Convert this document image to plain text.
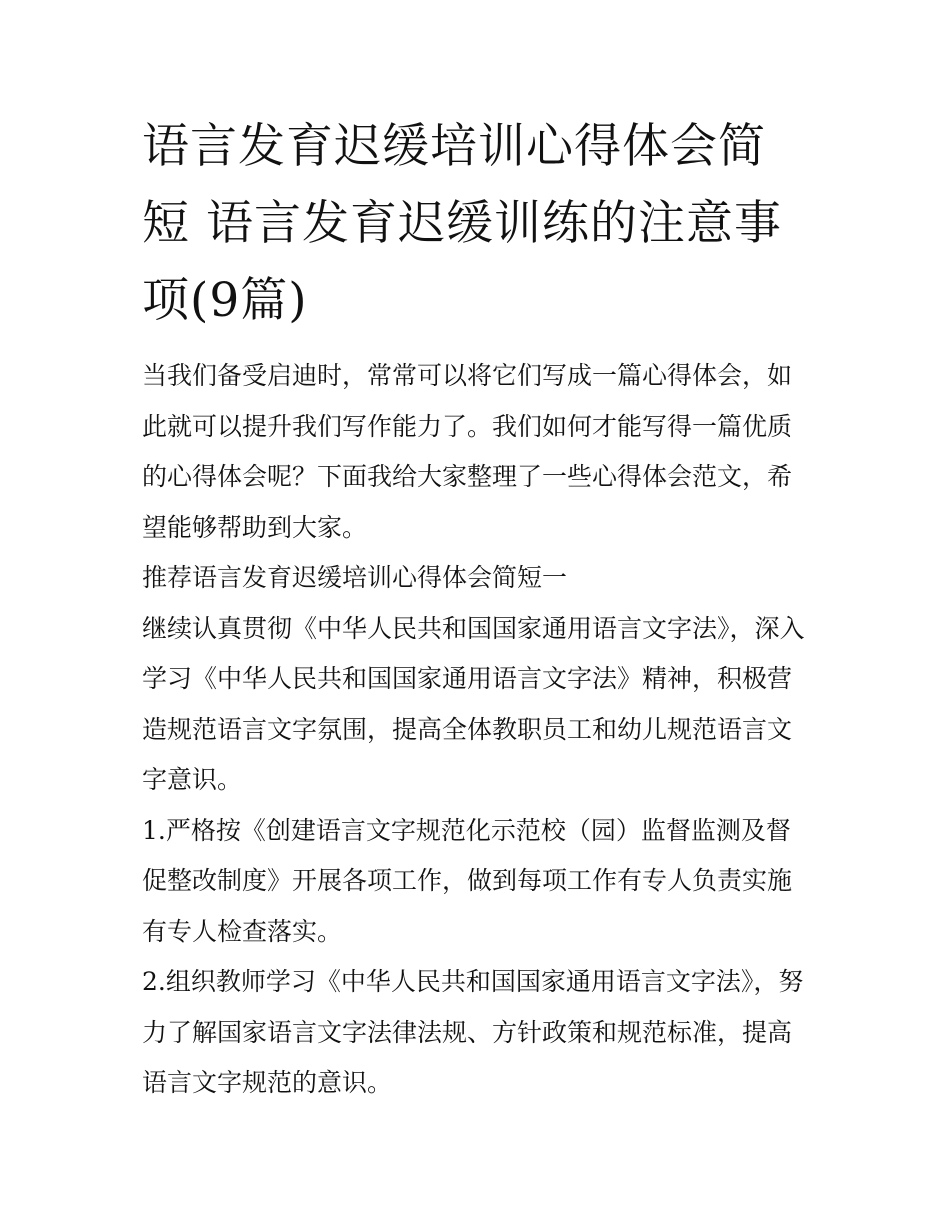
语言发育迟缓培训心得体会简短 语言发育迟缓训练的注意事项(9篇)

当我们备受启迪时，常常可以将它们写成一篇心得体会，如此就可以提升我们写作能力了。我们如何才能写得一篇优质的心得体会呢？下面我给大家整理了一些心得体会范文，希望能够帮助到大家。

推荐语言发育迟缓培训心得体会简短一

继续认真贯彻《中华人民共和国国家通用语言文字法》，深入学习《中华人民共和国国家通用语言文字法》精神，积极营造规范语言文字氛围，提高全体教职员工和幼儿规范语言文字意识。

1.严格按《创建语言文字规范化示范校（园）监督监测及督促整改制度》开展各项工作，做到每项工作有专人负责实施有专人检查落实。

2.组织教师学习《中华人民共和国国家通用语言文字法》，努力了解国家语言文字法律法规、方针政策和规范标准，提高语言文字规范的意识。
